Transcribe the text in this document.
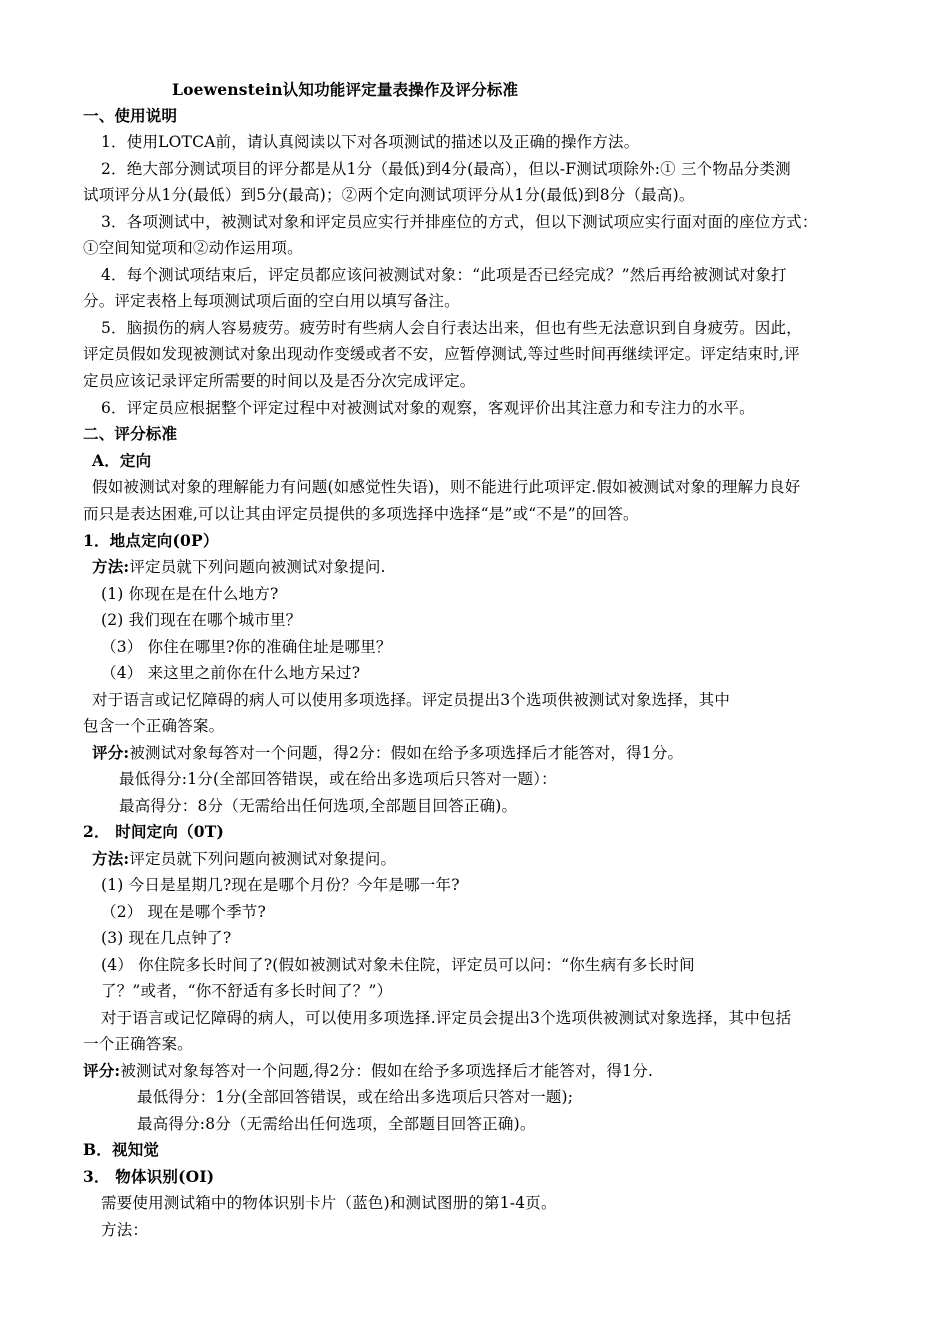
Loewenstein认知功能评定量表操作及评分标准
一、使用说明
1．使用LOTCA前，请认真阅读以下对各项测试的描述以及正确的操作方法。
2．绝大部分测试项目的评分都是从1分（最低)到4分(最高），但以-F测试项除外:① 三个物品分类测
试项评分从1分(最低）到5分(最高)；②两个定向测试项评分从1分(最低)到8分（最高)。
3．各项测试中，被测试对象和评定员应实行并排座位的方式，但以下测试项应实行面对面的座位方式：
①空间知觉项和②动作运用项。
4．每个测试项结束后，评定员都应该问被测试对象：“此项是否已经完成？”然后再给被测试对象打
分。评定表格上每项测试项后面的空白用以填写备注。
5．脑损伤的病人容易疲劳。疲劳时有些病人会自行表达出来，但也有些无法意识到自身疲劳。因此，
评定员假如发现被测试对象出现动作变缓或者不安，应暂停测试,等过些时间再继续评定。评定结束时,评
定员应该记录评定所需要的时间以及是否分次完成评定。
6．评定员应根据整个评定过程中对被测试对象的观察，客观评价出其注意力和专注力的水平。
二、评分标准
A．定向
假如被测试对象的理解能力有问题(如感觉性失语)，则不能进行此项评定.假如被测试对象的理解力良好
而只是表达困难,可以让其由评定员提供的多项选择中选择“是”或“不是”的回答。
1．地点定向(0P）
方法:评定员就下列问题向被测试对象提问.
(1) 你现在是在什么地方?
(2) 我们现在在哪个城市里？
（3） 你住在哪里?你的准确住址是哪里？
（4） 来这里之前你在什么地方呆过?
对于语言或记忆障碍的病人可以使用多项选择。评定员提出3个选项供被测试对象选择，其中
包含一个正确答案。
评分:被测试对象每答对一个问题，得2分：假如在给予多项选择后才能答对，得1分。
最低得分:1分(全部回答错误，或在给出多选项后只答对一题）：
最高得分：8分（无需给出任何选项,全部题目回答正确)。
2． 时间定向（0T)
方法:评定员就下列问题向被测试对象提问。
(1) 今日是星期几?现在是哪个月份？今年是哪一年?
（2） 现在是哪个季节?
(3) 现在几点钟了?
(4） 你住院多长时间了?(假如被测试对象未住院，评定员可以问：“你生病有多长时间
了？”或者，“你不舒适有多长时间了？”）
对于语言或记忆障碍的病人，可以使用多项选择.评定员会提出3个选项供被测试对象选择，其中包括
一个正确答案。
评分:被测试对象每答对一个问题,得2分：假如在给予多项选择后才能答对，得1分.
最低得分：1分(全部回答错误，或在给出多选项后只答对一题);
最高得分:8分（无需给出任何选项，全部题目回答正确)。
B．视知觉
3． 物体识别(OI)
需要使用测试箱中的物体识别卡片（蓝色)和测试图册的第1-4页。
方法：
